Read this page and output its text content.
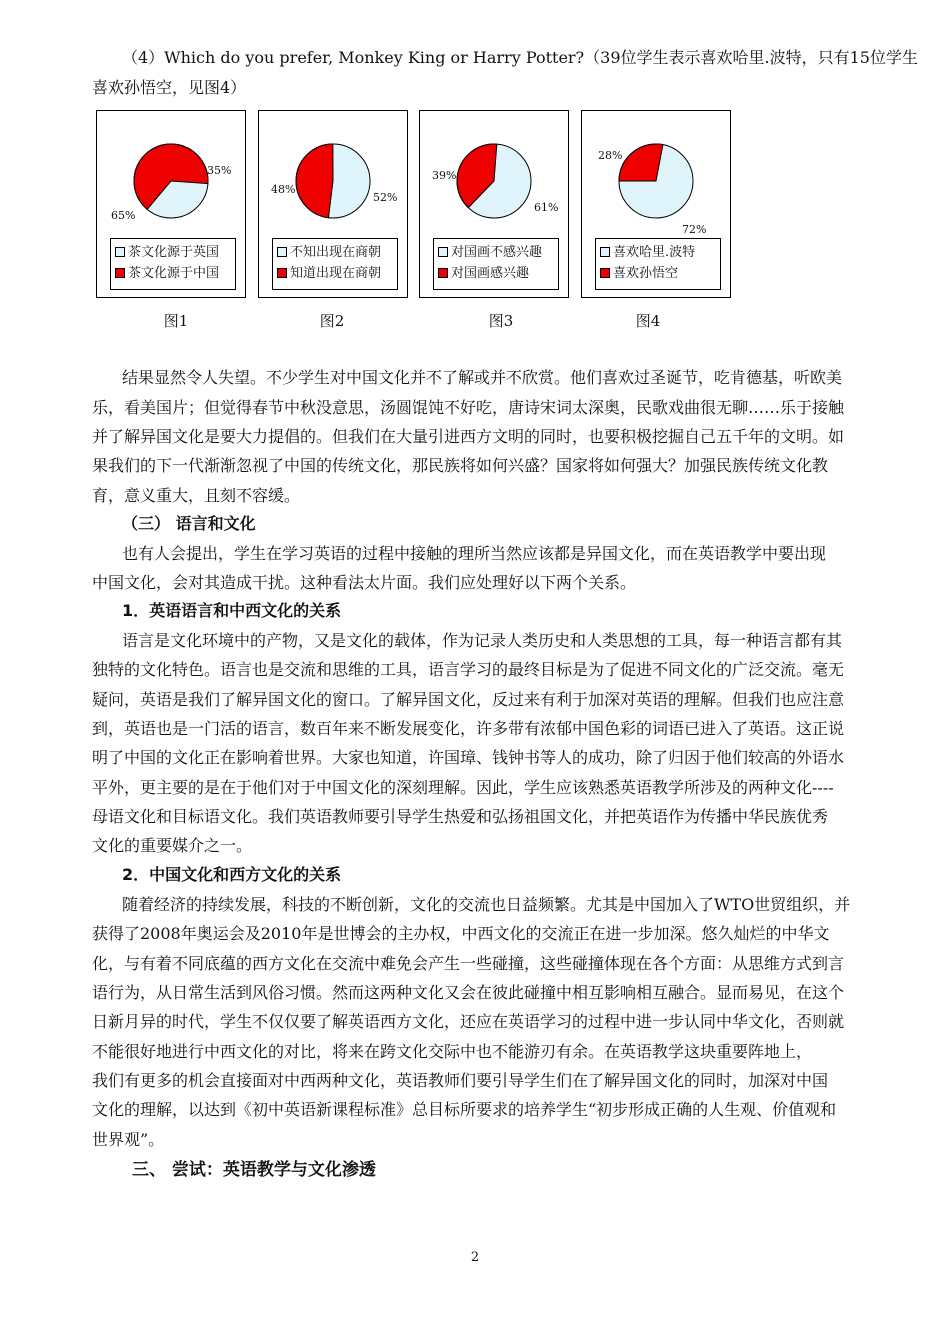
（4）Which do you prefer, Monkey King or Harry Potter?（39位学生表示喜欢哈里.波特，只有15位学生
喜欢孙悟空，见图4）
35%
65%
茶文化源于英国
茶文化源于中国
52%
48%
不知出现在商朝
知道出现在商朝
61%
39%
对国画不感兴趣
对国画感兴趣
28%
72%
喜欢哈里.波特
喜欢孙悟空
图1	图2	图3	图4
结果显然令人失望。不少学生对中国文化并不了解或并不欣赏。他们喜欢过圣诞节，吃肯德基，听欧美
乐，看美国片；但觉得春节中秋没意思，汤圆馄饨不好吃，唐诗宋词太深奥，民歌戏曲很无聊……乐于接触
并了解异国文化是要大力提倡的。但我们在大量引进西方文明的同时，也要积极挖掘自己五千年的文明。如
果我们的下一代渐渐忽视了中国的传统文化，那民族将如何兴盛？国家将如何强大？加强民族传统文化教
育，意义重大，且刻不容缓。
（三） 语言和文化
也有人会提出，学生在学习英语的过程中接触的理所当然应该都是异国文化，而在英语教学中要出现
中国文化，会对其造成干扰。这种看法太片面。我们应处理好以下两个关系。
1．英语语言和中西文化的关系
语言是文化环境中的产物，又是文化的载体，作为记录人类历史和人类思想的工具，每一种语言都有其
独特的文化特色。语言也是交流和思维的工具，语言学习的最终目标是为了促进不同文化的广泛交流。毫无
疑问，英语是我们了解异国文化的窗口。了解异国文化，反过来有利于加深对英语的理解。但我们也应注意
到，英语也是一门活的语言，数百年来不断发展变化，许多带有浓郁中国色彩的词语已进入了英语。这正说
明了中国的文化正在影响着世界。大家也知道，许国璋、钱钟书等人的成功，除了归因于他们较高的外语水
平外，更主要的是在于他们对于中国文化的深刻理解。因此，学生应该熟悉英语教学所涉及的两种文化----
母语文化和目标语文化。我们英语教师要引导学生热爱和弘扬祖国文化，并把英语作为传播中华民族优秀
文化的重要媒介之一。
2．中国文化和西方文化的关系
随着经济的持续发展，科技的不断创新，文化的交流也日益频繁。尤其是中国加入了WTO世贸组织，并
获得了2008年奥运会及2010年是世博会的主办权，中西文化的交流正在进一步加深。悠久灿烂的中华文
化，与有着不同底蕴的西方文化在交流中难免会产生一些碰撞，这些碰撞体现在各个方面：从思维方式到言
语行为，从日常生活到风俗习惯。然而这两种文化又会在彼此碰撞中相互影响相互融合。显而易见，在这个
日新月异的时代，学生不仅仅要了解英语西方文化，还应在英语学习的过程中进一步认同中华文化，否则就
不能很好地进行中西文化的对比，将来在跨文化交际中也不能游刃有余。在英语教学这块重要阵地上，
我们有更多的机会直接面对中西两种文化，英语教师们要引导学生们在了解异国文化的同时，加深对中国
文化的理解，以达到《初中英语新课程标准》总目标所要求的培养学生“初步形成正确的人生观、价值观和
世界观”。
三、 尝试：英语教学与文化渗透
2
